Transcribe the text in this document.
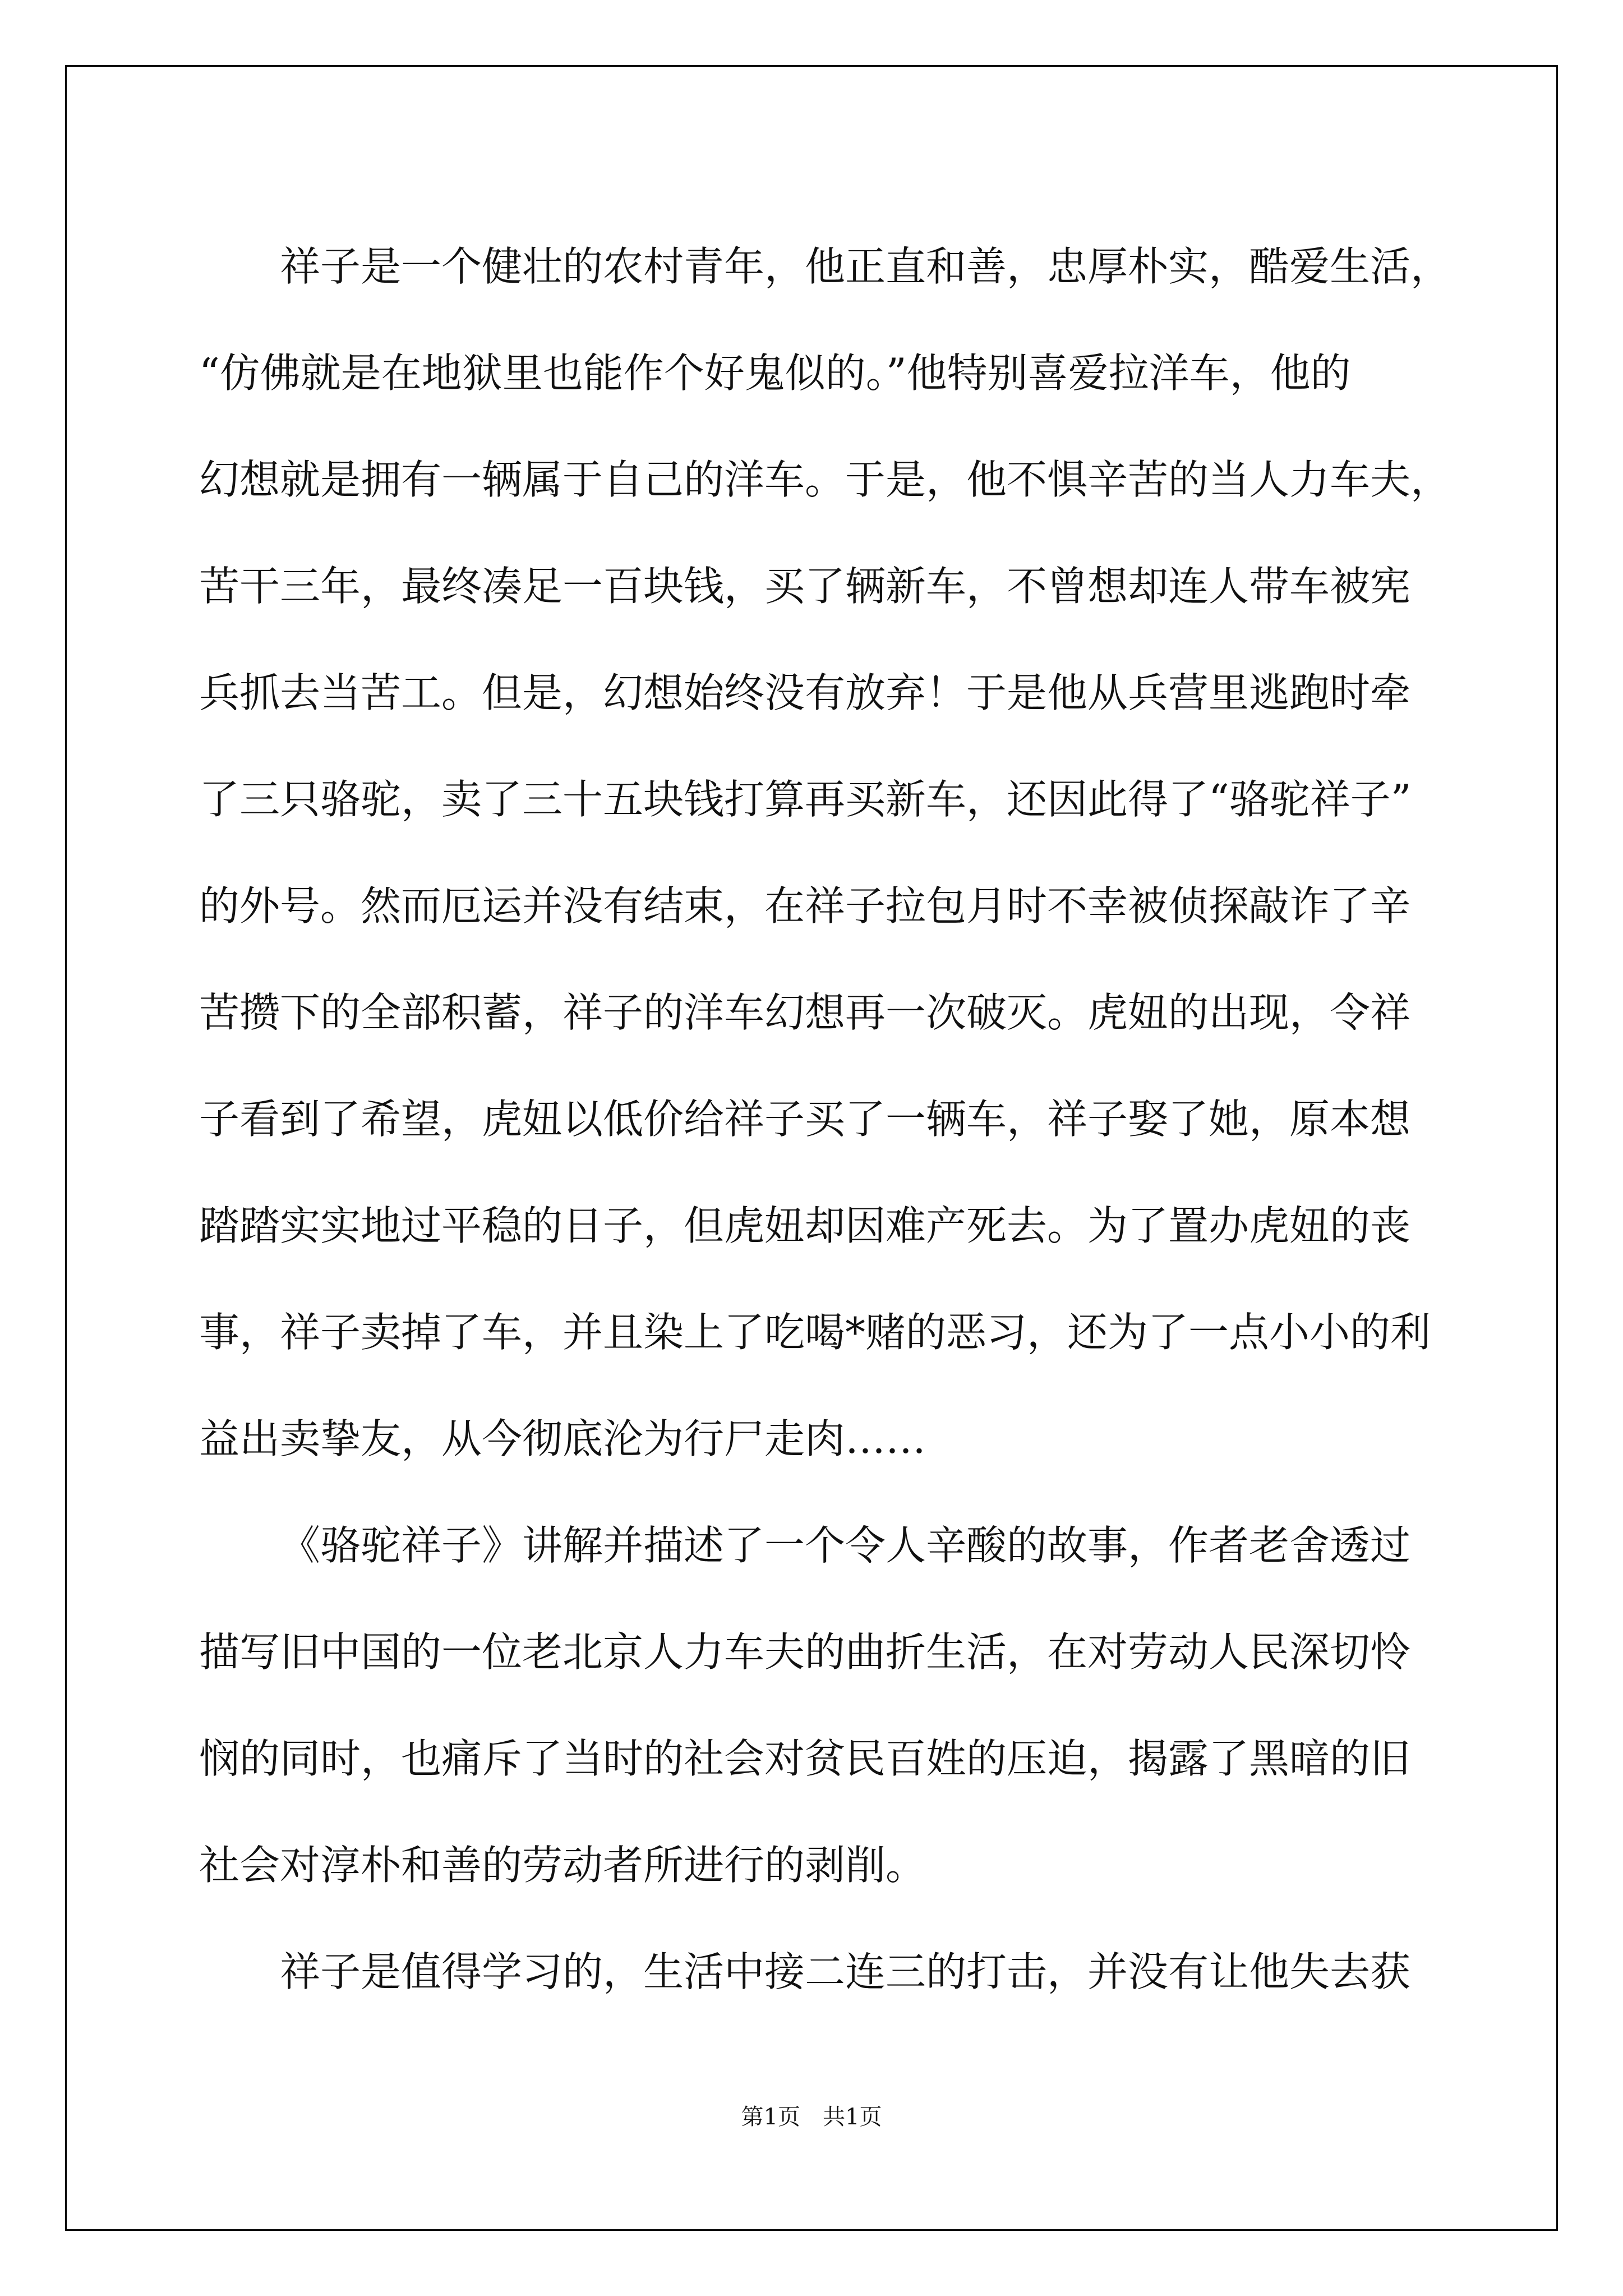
祥子是一个健壮的农村青年，他正直和善，忠厚朴实，酷爱生活，
“仿佛就是在地狱里也能作个好鬼似的。”他特别喜爱拉洋车，他的
幻想就是拥有一辆属于自己的洋车。于是，他不惧辛苦的当人力车夫，
苦干三年，最终凑足一百块钱，买了辆新车，不曾想却连人带车被宪
兵抓去当苦工。但是，幻想始终没有放弃！于是他从兵营里逃跑时牵
了三只骆驼，卖了三十五块钱打算再买新车，还因此得了“骆驼祥子”
的外号。然而厄运并没有结束，在祥子拉包月时不幸被侦探敲诈了辛
苦攒下的全部积蓄，祥子的洋车幻想再一次破灭。虎妞的出现，令祥
子看到了希望，虎妞以低价给祥子买了一辆车，祥子娶了她，原本想
踏踏实实地过平稳的日子，但虎妞却因难产死去。为了置办虎妞的丧
事，祥子卖掉了车，并且染上了吃喝*赌的恶习，还为了一点小小的利
益出卖挚友，从今彻底沦为行尸走肉……
《骆驼祥子》讲解并描述了一个令人辛酸的故事，作者老舍透过
描写旧中国的一位老北京人力车夫的曲折生活，在对劳动人民深切怜
悯的同时，也痛斥了当时的社会对贫民百姓的压迫，揭露了黑暗的旧
社会对淳朴和善的劳动者所进行的剥削。
祥子是值得学习的，生活中接二连三的打击，并没有让他失去获
第1页 共1页
